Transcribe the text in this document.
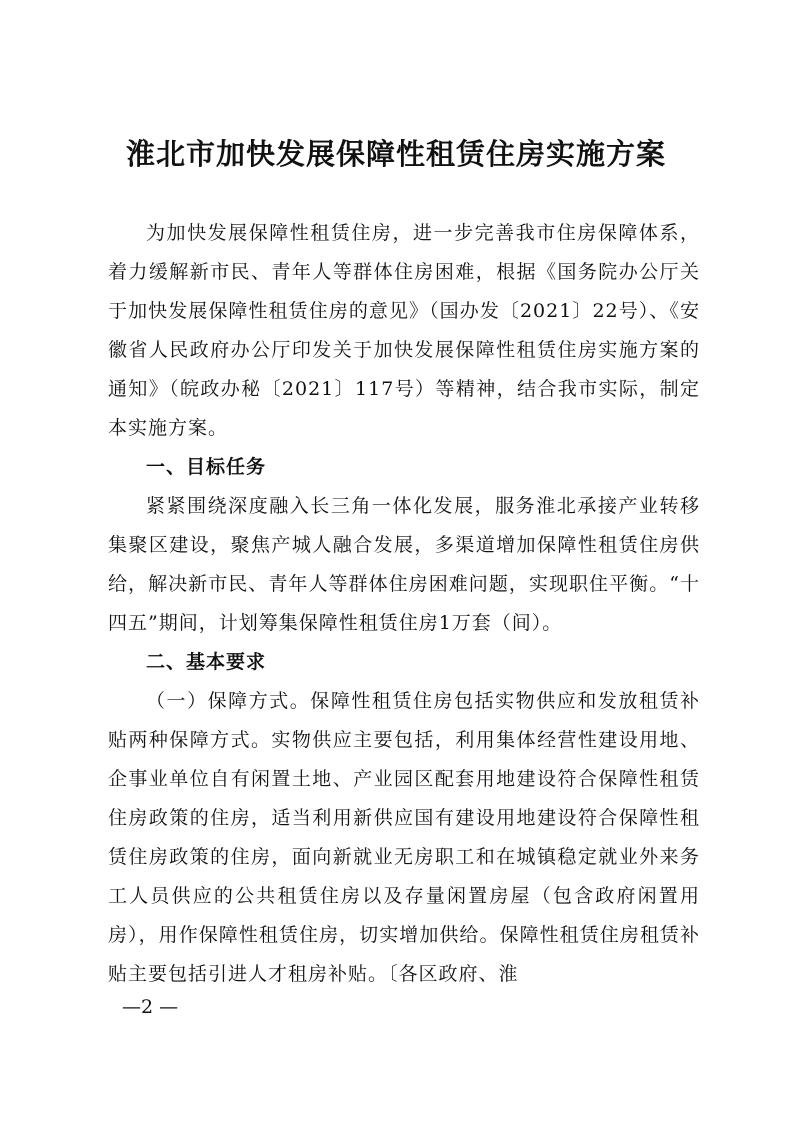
淮北市加快发展保障性租赁住房实施方案

为加快发展保障性租赁住房，进一步完善我市住房保障体系，着力缓解新市民、青年人等群体住房困难，根据《国务院办公厅关于加快发展保障性租赁住房的意见》（国办发〔2021〕22号）、《安徽省人民政府办公厅印发关于加快发展保障性租赁住房实施方案的通知》（皖政办秘〔2021〕117号）等精神，结合我市实际，制定本实施方案。

一、目标任务

紧紧围绕深度融入长三角一体化发展，服务淮北承接产业转移集聚区建设，聚焦产城人融合发展，多渠道增加保障性租赁住房供给，解决新市民、青年人等群体住房困难问题，实现职住平衡。“十四五”期间，计划筹集保障性租赁住房1万套（间）。

二、基本要求

（一）保障方式。保障性租赁住房包括实物供应和发放租赁补贴两种保障方式。实物供应主要包括，利用集体经营性建设用地、企事业单位自有闲置土地、产业园区配套用地建设符合保障性租赁住房政策的住房，适当利用新供应国有建设用地建设符合保障性租赁住房政策的住房，面向新就业无房职工和在城镇稳定就业外来务工人员供应的公共租赁住房以及存量闲置房屋（包含政府闲置用房），用作保障性租赁住房，切实增加供给。保障性租赁住房租赁补贴主要包括引进人才租房补贴。〔各区政府、淮

—2 —
